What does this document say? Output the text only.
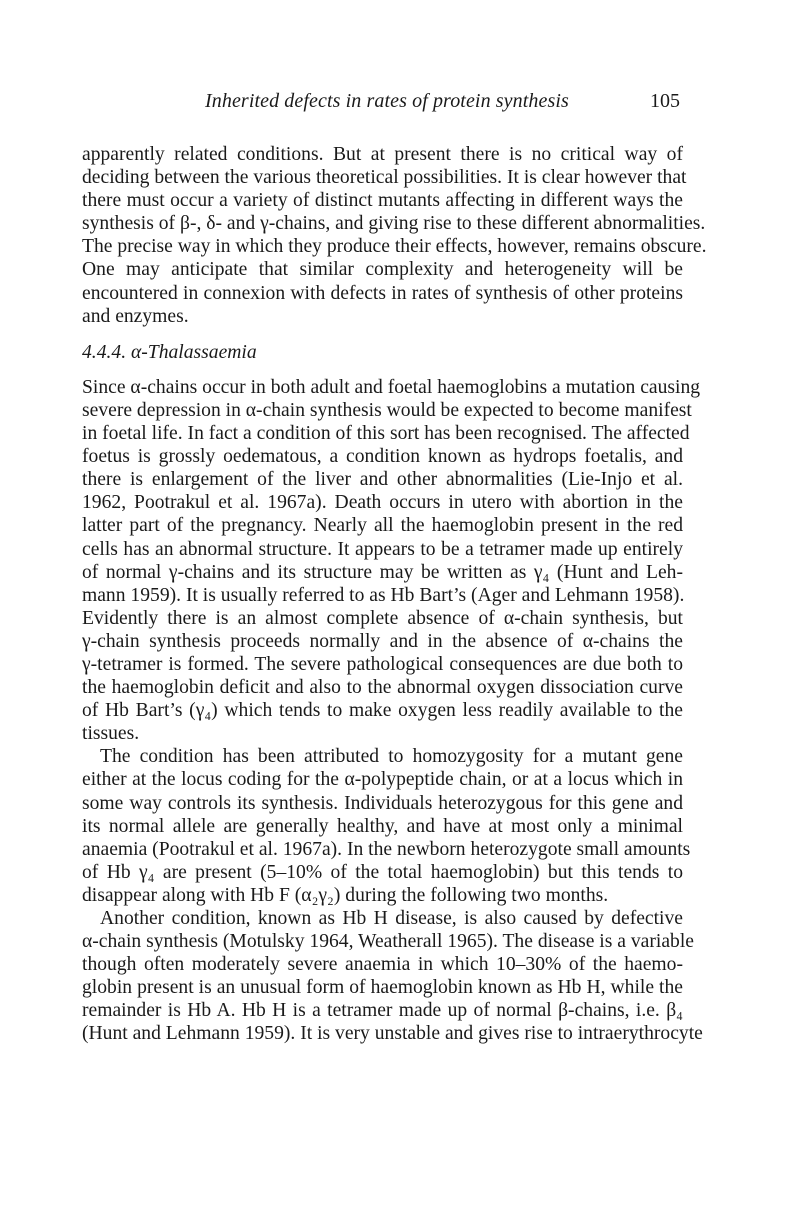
Inherited defects in rates of protein synthesis	105
apparently related conditions. But at present there is no critical way of
deciding between the various theoretical possibilities. It is clear however that
there must occur a variety of distinct mutants affecting in different ways the
synthesis of β-, δ- and γ-chains, and giving rise to these different abnormalities.
The precise way in which they produce their effects, however, remains obscure.
One may anticipate that similar complexity and heterogeneity will be
encountered in connexion with defects in rates of synthesis of other proteins
and enzymes.
4.4.4. α-Thalassaemia
Since α-chains occur in both adult and foetal haemoglobins a mutation causing
severe depression in α-chain synthesis would be expected to become manifest
in foetal life. In fact a condition of this sort has been recognised. The affected
foetus is grossly oedematous, a condition known as hydrops foetalis, and
there is enlargement of the liver and other abnormalities (Lie-Injo et al.
1962, Pootrakul et al. 1967a). Death occurs in utero with abortion in the
latter part of the pregnancy. Nearly all the haemoglobin present in the red
cells has an abnormal structure. It appears to be a tetramer made up entirely
of normal γ-chains and its structure may be written as γ₄ (Hunt and Leh-
mann 1959). It is usually referred to as Hb Bart’s (Ager and Lehmann 1958).
Evidently there is an almost complete absence of α-chain synthesis, but
γ-chain synthesis proceeds normally and in the absence of α-chains the
γ-tetramer is formed. The severe pathological consequences are due both to
the haemoglobin deficit and also to the abnormal oxygen dissociation curve
of Hb Bart’s (γ₄) which tends to make oxygen less readily available to the
tissues.
The condition has been attributed to homozygosity for a mutant gene
either at the locus coding for the α-polypeptide chain, or at a locus which in
some way controls its synthesis. Individuals heterozygous for this gene and
its normal allele are generally healthy, and have at most only a minimal
anaemia (Pootrakul et al. 1967a). In the newborn heterozygote small amounts
of Hb γ₄ are present (5–10% of the total haemoglobin) but this tends to
disappear along with Hb F (α₂γ₂) during the following two months.
Another condition, known as Hb H disease, is also caused by defective
α-chain synthesis (Motulsky 1964, Weatherall 1965). The disease is a variable
though often moderately severe anaemia in which 10–30% of the haemo-
globin present is an unusual form of haemoglobin known as Hb H, while the
remainder is Hb A. Hb H is a tetramer made up of normal β-chains, i.e. β₄
(Hunt and Lehmann 1959). It is very unstable and gives rise to intraerythrocyte
